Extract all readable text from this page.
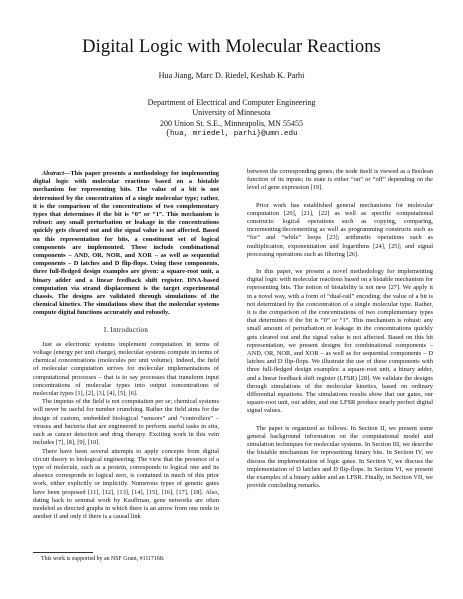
Digital Logic with Molecular Reactions
Hua Jiang, Marc D. Riedel, Keshab K. Parhi
Department of Electrical and Computer Engineering
University of Minnesota
200 Union St. S.E., Minneapolis, MN 55455
{hua, mriedel, parhi}@umn.edu

Abstract—This paper presents a methodology for implementing digital logic with molecular reactions based on a bistable mechanism for representing bits. The value of a bit is not determined by the concentration of a single molecular type; rather, it is the comparison of the concentrations of two complementary types that determines if the bit is “0” or “1”. This mechanism is robust: any small perturbation or leakage in the concentrations quickly gets cleared out and the signal value is not affected. Based on this representation for bits, a constituent set of logical components are implemented. These include combinational components – AND, OR, NOR, and XOR – as well as sequential components – D latches and D flip-flops. Using these components, three full-fledged design examples are given: a square-root unit, a binary adder and a linear feedback shift register. DNA-based computation via strand displacement is the target experimental chassis. The designs are validated through simulations of the chemical kinetics. The simulations show that the molecular systems compute digital functions accurately and robustly.

I. Introduction

Just as electronic systems implement computation in terms of voltage (energy per unit charge), molecular systems compute in terms of chemical concentrations (molecules per unit volume). Indeed, the field of molecular computation strives for molecular implementations of computational processes – that is to say processes that transform input concentrations of molecular types into output concentrations of molecular types [1], [2], [3], [4], [5], [6].

The impetus of the field is not computation per se; chemical systems will never be useful for number crunching. Rather the field aims for the design of custom, embedded biological “sensors” and “controllers” – viruses and bacteria that are engineered to perform useful tasks in situ, such as cancer detection and drug therapy. Exciting work in this vein includes [7], [8], [9], [10].

There have been several attempts to apply concepts from digital circuit theory to biological engineering. The view that the presence of a type of molecule, such as a protein, corresponds to logical one and its absence corresponds to logical zero, is contained in much of this prior work, either explicitly or implicitly. Numerous types of genetic gates have been proposed [11], [12], [13], [14], [15], [16], [17], [18]. Also, dating back to seminal work by Kauffman, gene networks are often modeled as directed graphs in which there is an arrow from one node to another if and only if there is a causal link

This work is supported by an NSF Grant, #1117168.

between the corresponding genes; the node itself is viewed as a Boolean function of its inputs; its state is either “on” or “off” depending on the level of gene expression [19].

Prior work has established general mechanisms for molecular computation [20], [21], [22] as well as specific computational constructs: logical operations such as copying, comparing, incrementing/decrementing as well as programming constructs such as “for” and “while” loops [23]; arithmetic operations such as multiplication, exponentiation and logarithms [24], [25]; and signal processing operations such as filtering [26].

In this paper, we present a novel methodology for implementing digital logic with molecular reactions based on a bistable mechanism for representing bits. The notion of bistability is not new [27]. We apply it in a novel way, with a form of “dual-rail” encoding: the value of a bit is not determined by the concentration of a single molecular type. Rather, it is the comparison of the concentrations of two complementary types that determines if the bit is “0” or “1”. This mechanism is robust: any small amount of perturbation or leakage in the concentrations quickly gets cleared out and the signal value is not affected. Based on this bit representation, we present designs for combinational components – AND, OR, NOR, and XOR – as well as for sequential components – D latches and D flip-flops. We illustrate the use of these components with three full-fledged design examples: a square-root unit, a binary adder, and a linear feedback shift register (LFSR) [28]. We validate the designs through simulations of the molecular kinetics, based on ordinary differential equations. The simulations results show that our gates, our square-root unit, our adder, and our LFSR produce nearly perfect digital signal values.

The paper is organized as follows. In Section II, we present some general background information on the computational model and simulation techniques for molecular systems. In Section III, we describe the bistable mechanism for representing binary bits. In Section IV, we discuss the implementation of logic gates. In Section V, we discuss the implementation of D latches and D flip-flops. In Section VI, we present the examples of a binary adder and an LFSR. Finally, in Section VII, we provide concluding remarks.
